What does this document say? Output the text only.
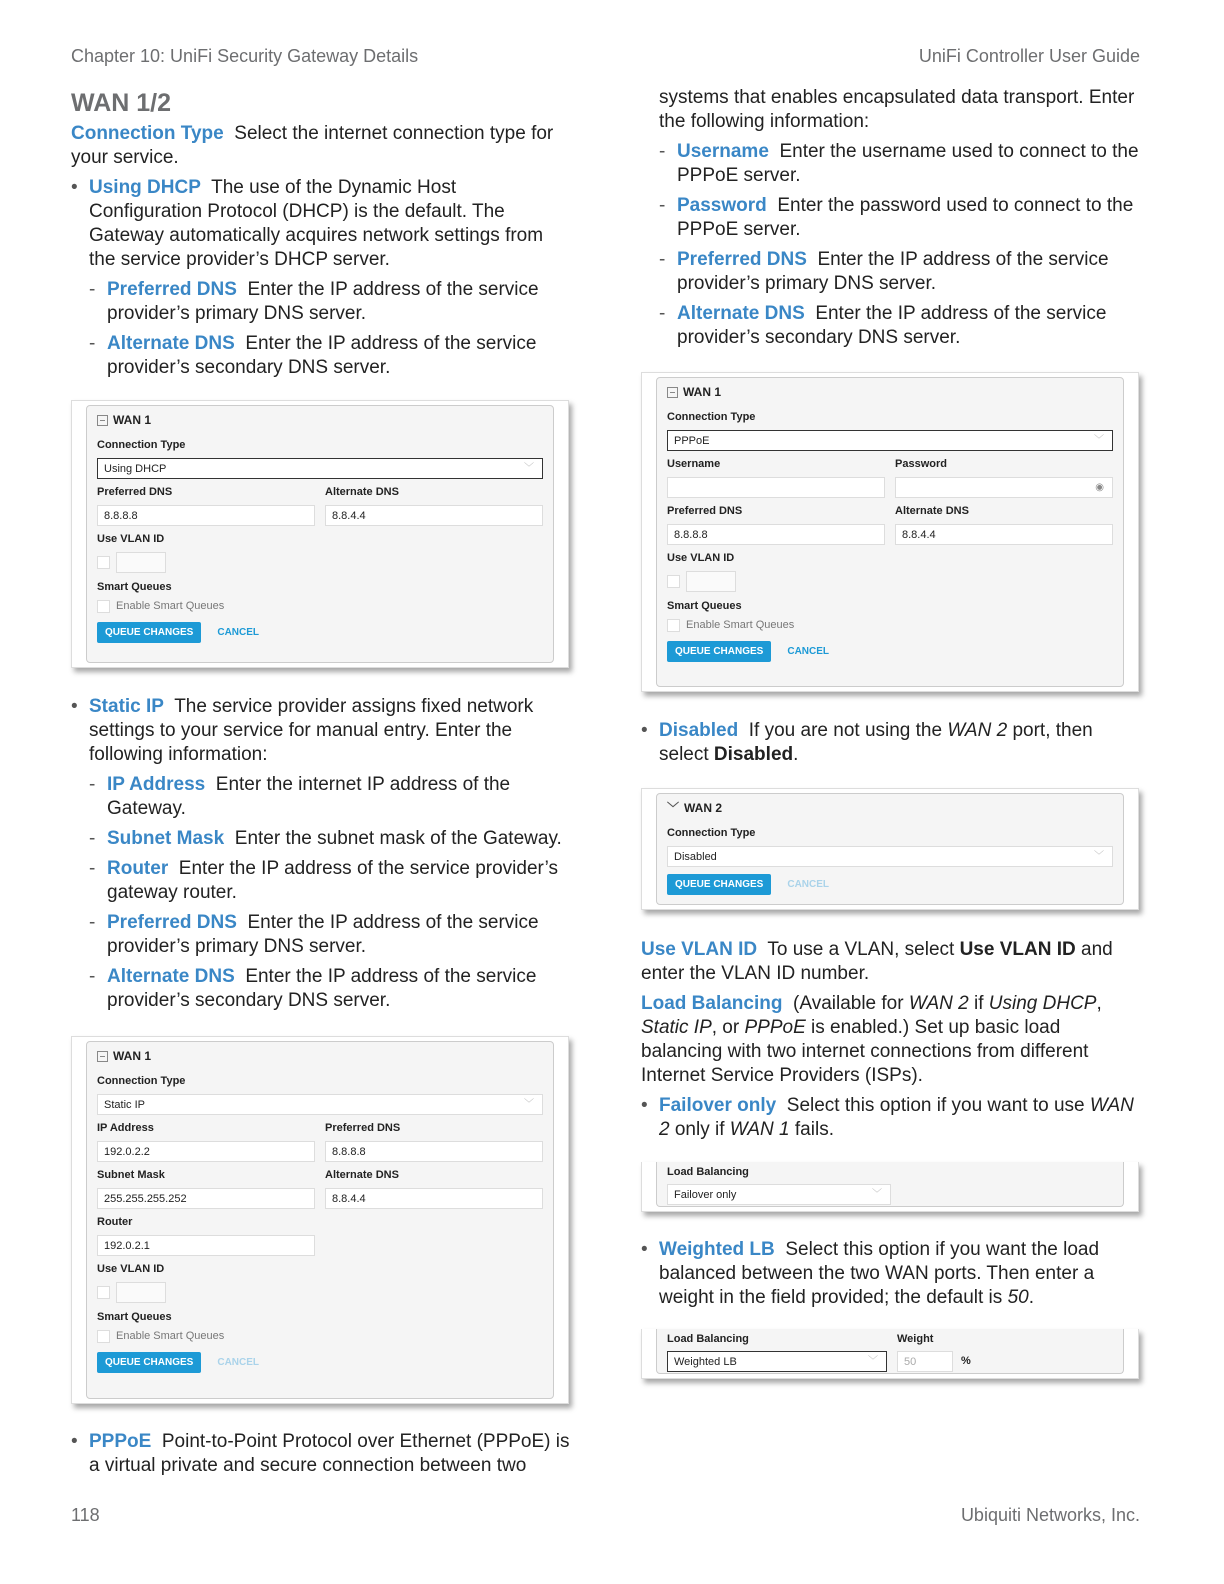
Chapter 10: UniFi Security Gateway Details	UniFi Controller User Guide
WAN 1/2

Connection Type Select the internet connection type for your service.

• Using DHCP The use of the Dynamic Host Configuration Protocol (DHCP) is the default. The Gateway automatically acquires network settings from the service provider’s DHCP server.
- Preferred DNS Enter the IP address of the service provider’s primary DNS server.
- Alternate DNS Enter the IP address of the service provider’s secondary DNS server.
WAN 1
Connection Type
Using DHCP	﹀
Preferred DNS
8.8.8.8
Alternate DNS
8.8.4.4
Use VLAN ID
Smart Queues
Enable Smart Queues
QUEUE CHANGES CANCEL
• Static IP The service provider assigns fixed network settings to your service for manual entry. Enter the following information:
- IP Address Enter the internet IP address of the Gateway.
- Subnet Mask Enter the subnet mask of the Gateway.
- Router Enter the IP address of the service provider’s gateway router.
- Preferred DNS Enter the IP address of the service provider’s primary DNS server.
- Alternate DNS Enter the IP address of the service provider’s secondary DNS server.
WAN 1
Connection Type
Static IP	﹀
IP Address
192.0.2.2
Preferred DNS
8.8.8.8
Subnet Mask
255.255.255.252
Alternate DNS
8.8.4.4
Router
192.0.2.1
Use VLAN ID
Smart Queues
Enable Smart Queues
QUEUE CHANGES CANCEL
• PPPoE Point-to-Point Protocol over Ethernet (PPPoE) is a virtual private and secure connection between two
systems that enables encapsulated data transport. Enter the following information:
- Username Enter the username used to connect to the PPPoE server.
- Password Enter the password used to connect to the PPPoE server.
- Preferred DNS Enter the IP address of the service provider’s primary DNS server.
- Alternate DNS Enter the IP address of the service provider’s secondary DNS server.
WAN 1
Connection Type
PPPoE	﹀
Username	Password
◉
Preferred DNS
8.8.8.8
Alternate DNS
8.8.4.4
Use VLAN ID
Smart Queues
Enable Smart Queues
QUEUE CHANGES CANCEL
• Disabled If you are not using the WAN 2 port, then select Disabled.
﹀ WAN 2
Connection Type
Disabled	﹀
QUEUE CHANGES CANCEL

Use VLAN ID To use a VLAN, select Use VLAN ID and enter the VLAN ID number.

Load Balancing (Available for WAN 2 if Using DHCP, Static IP, or PPPoE is enabled.) Set up basic load balancing with two internet connections from different Internet Service Providers (ISPs).

• Failover only Select this option if you want to use WAN 2 only if WAN 1 fails.
Load Balancing
Failover only	﹀
• Weighted LB Select this option if you want the load balanced between the two WAN ports. Then enter a weight in the field provided; the default is 50.
Load Balancing
Weighted LB	﹀
Weight
50	%
118	Ubiquiti Networks, Inc.
